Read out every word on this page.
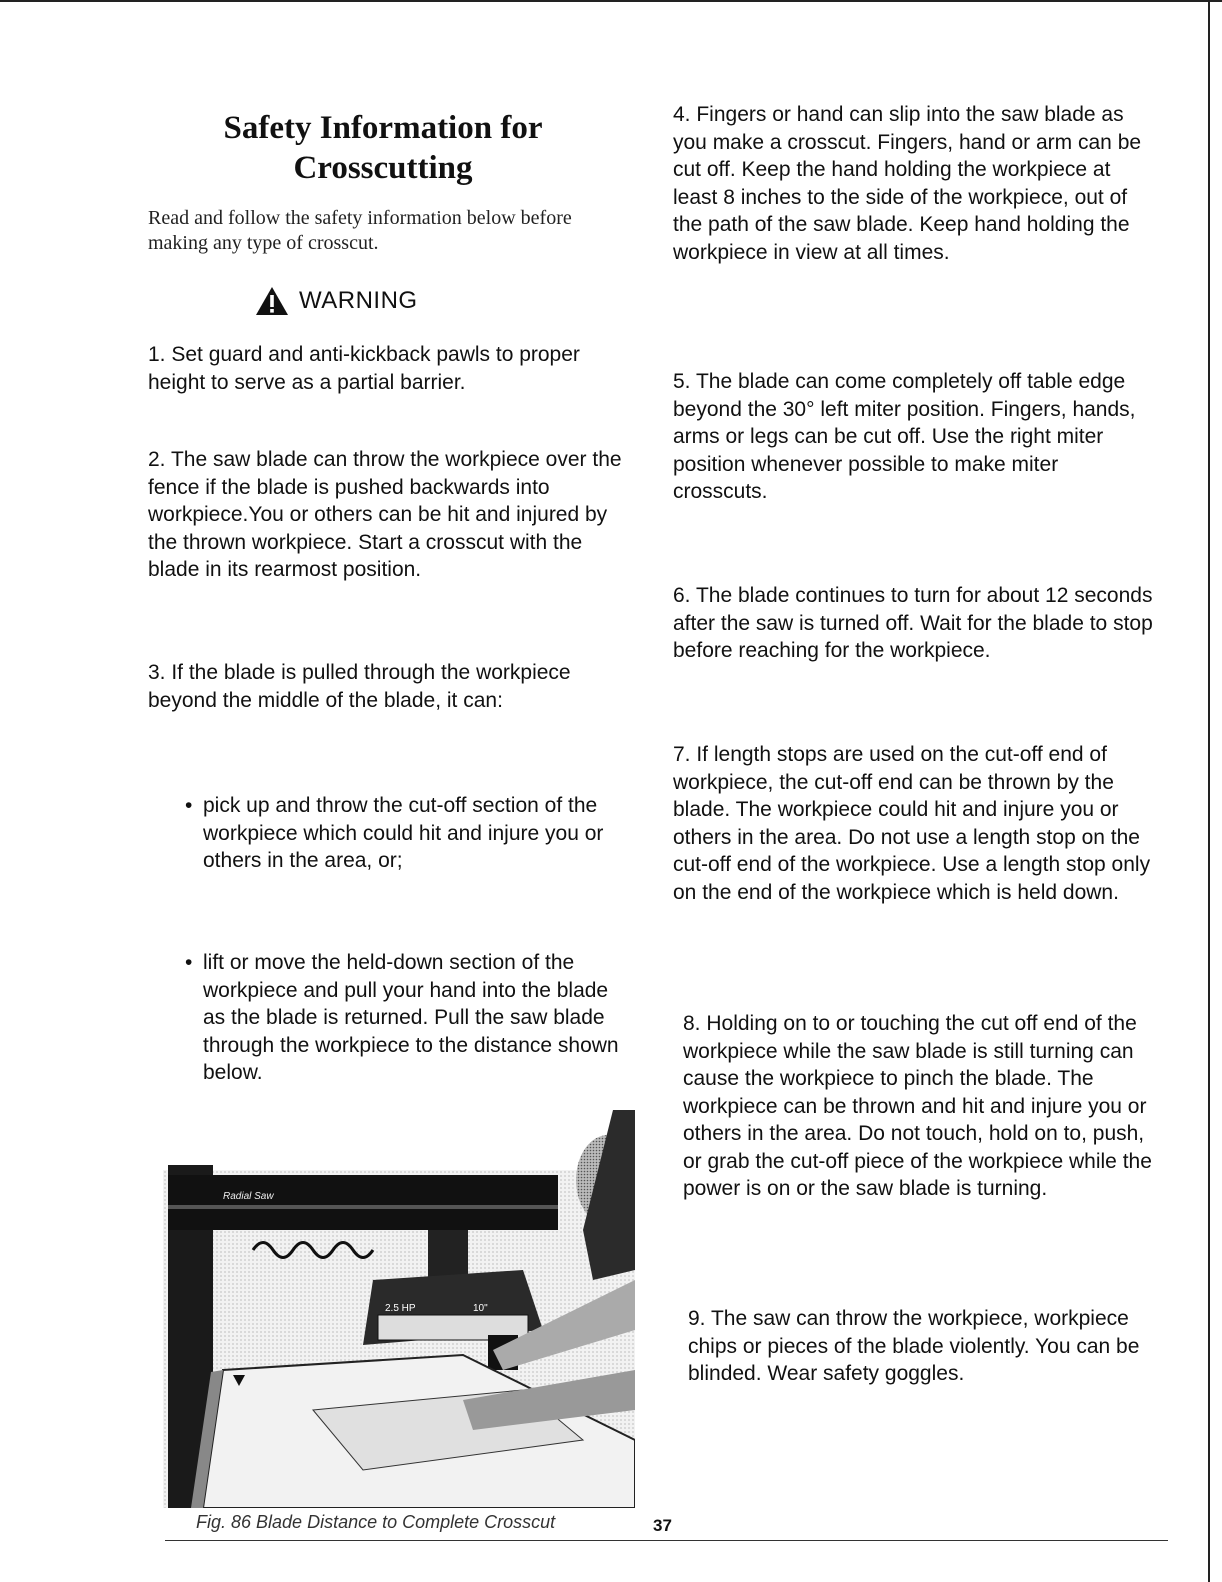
Safety Information for
Crosscutting

Read and follow the safety information below before making any type of crosscut.

WARNING

1. Set guard and anti-kickback pawls to proper height to serve as a partial barrier.

2. The saw blade can throw the workpiece over the fence if the blade is pushed backwards into workpiece.You or others can be hit and injured by the thrown workpiece. Start a crosscut with the blade in its rearmost position.

3. If the blade is pulled through the workpiece beyond the middle of the blade, it can:

• pick up and throw the cut-off section of the workpiece which could hit and injure you or others in the area, or;
• lift or move the held-down section of the workpiece and pull your hand into the blade as the blade is returned. Pull the saw blade through the workpiece to the distance shown below.
Radial Saw
2.5 HP	10"
Fig. 86 Blade Distance to Complete Crosscut	37

4. Fingers or hand can slip into the saw blade as you make a crosscut. Fingers, hand or arm can be cut off. Keep the hand holding the workpiece at least 8 inches to the side of the workpiece, out of the path of the saw blade. Keep hand holding the workpiece in view at all times.

5. The blade can come completely off table edge beyond the 30° left miter position. Fingers, hands, arms or legs can be cut off. Use the right miter position whenever possible to make miter crosscuts.

6. The blade continues to turn for about 12 seconds after the saw is turned off. Wait for the blade to stop before reaching for the workpiece.

7. If length stops are used on the cut-off end of workpiece, the cut-off end can be thrown by the blade. The workpiece could hit and injure you or others in the area. Do not use a length stop on the cut-off end of the workpiece. Use a length stop only on the end of the workpiece which is held down.

8. Holding on to or touching the cut off end of the workpiece while the saw blade is still turning can cause the workpiece to pinch the blade. The workpiece can be thrown and hit and injure you or others in the area. Do not touch, hold on to, push, or grab the cut-off piece of the workpiece while the power is on or the saw blade is turning.

9. The saw can throw the workpiece, workpiece chips or pieces of the blade violently. You can be blinded. Wear safety goggles.
